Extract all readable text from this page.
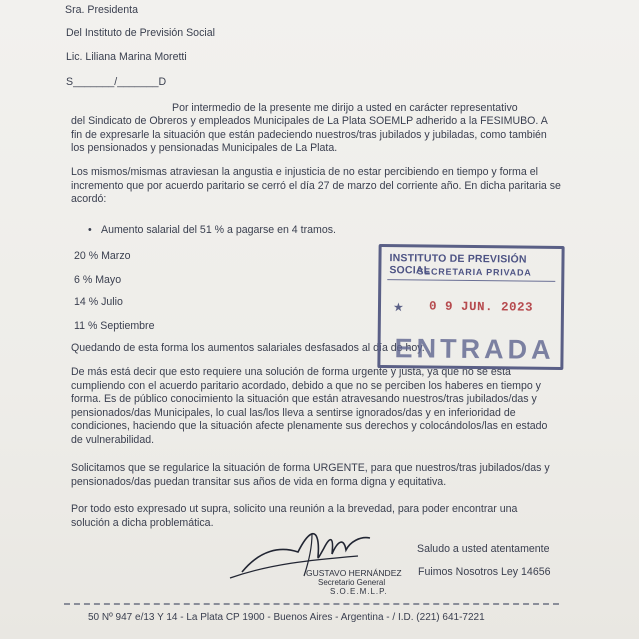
Sra. Presidenta
Del Instituto de Previsión Social
Lic. Liliana Marina Moretti
S_______/_______D
Por intermedio de la presente me dirijo a usted en carácter representativo
del Sindicato de Obreros y empleados Municipales de La Plata SOEMLP adherido a la FESIMUBO. A fin de expresarle la situación que están padeciendo nuestros/tras jubilados y jubiladas, como también los pensionados y pensionadas Municipales de La Plata.
Los mismos/mismas atraviesan la angustia e injusticia de no estar percibiendo en tiempo y forma el incremento que por acuerdo paritario se cerró el día 27 de marzo del corriente año. En dicha paritaria se acordó:
• Aumento salarial del 51 % a pagarse en 4 tramos.
20 % Marzo
6 % Mayo
14 % Julio
11 % Septiembre
Quedando de esta forma los aumentos salariales desfasados al día de hoy.
De más está decir que esto requiere una solución de forma urgente y justa, ya que no se está cumpliendo con el acuerdo paritario acordado, debido a que no se perciben los haberes en tiempo y forma. Es de público conocimiento la situación que están atravesando nuestros/tras jubilados/das y pensionados/das Municipales, lo cual las/los lleva a sentirse ignorados/das y en inferioridad de condiciones, haciendo que la situación afecte plenamente sus derechos y colocándolos/las en estado de vulnerabilidad.
Solicitamos que se regularice la situación de forma URGENTE, para que nuestros/tras jubilados/das y pensionados/das puedan transitar sus años de vida en forma digna y equitativa.
Por todo esto expresado ut supra, solicito una reunión a la brevedad, para poder encontrar una solución a dicha problemática.
Saludo a usted atentamente
Fuimos Nosotros Ley 14656
GUSTAVO HERNÁNDEZ
Secretario General
S.O.E.M.L.P.
INSTITUTO DE PREVISIÓN SOCIAL
SECRETARIA PRIVADA
★ 0 9 JUN. 2023
ENTRADA
50 Nº 947 e/13 Y 14 - La Plata CP 1900 - Buenos Aires - Argentina - / I.D. (221) 641-7221
